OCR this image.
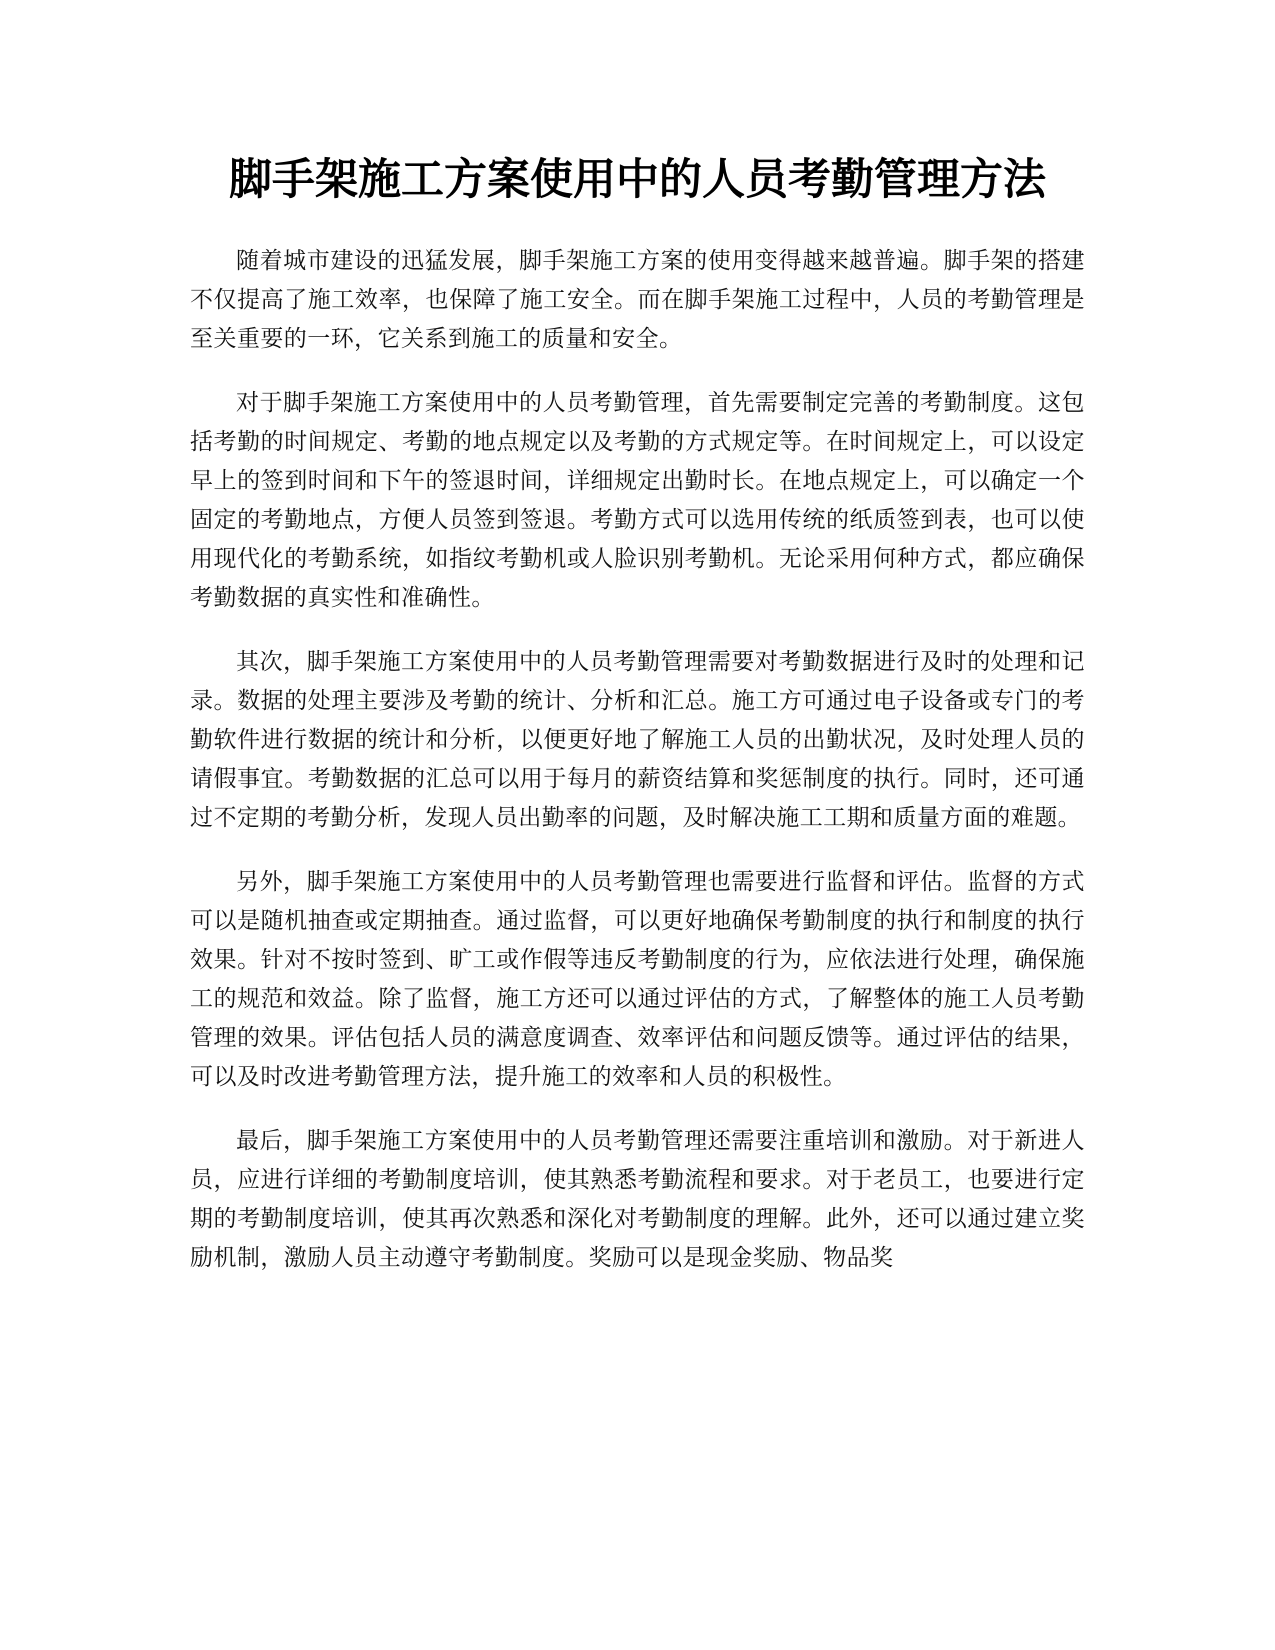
脚手架施工方案使用中的人员考勤管理方法

随着城市建设的迅猛发展，脚手架施工方案的使用变得越来越普遍。脚手架的搭建不仅提高了施工效率，也保障了施工安全。而在脚手架施工过程中，人员的考勤管理是至关重要的一环，它关系到施工的质量和安全。

对于脚手架施工方案使用中的人员考勤管理，首先需要制定完善的考勤制度。这包括考勤的时间规定、考勤的地点规定以及考勤的方式规定等。在时间规定上，可以设定早上的签到时间和下午的签退时间，详细规定出勤时长。在地点规定上，可以确定一个固定的考勤地点，方便人员签到签退。考勤方式可以选用传统的纸质签到表，也可以使用现代化的考勤系统，如指纹考勤机或人脸识别考勤机。无论采用何种方式，都应确保考勤数据的真实性和准确性。

其次，脚手架施工方案使用中的人员考勤管理需要对考勤数据进行及时的处理和记录。数据的处理主要涉及考勤的统计、分析和汇总。施工方可通过电子设备或专门的考勤软件进行数据的统计和分析，以便更好地了解施工人员的出勤状况，及时处理人员的请假事宜。考勤数据的汇总可以用于每月的薪资结算和奖惩制度的执行。同时，还可通过不定期的考勤分析，发现人员出勤率的问题，及时解决施工工期和质量方面的难题。

另外，脚手架施工方案使用中的人员考勤管理也需要进行监督和评估。监督的方式可以是随机抽查或定期抽查。通过监督，可以更好地确保考勤制度的执行和制度的执行效果。针对不按时签到、旷工或作假等违反考勤制度的行为，应依法进行处理，确保施工的规范和效益。除了监督，施工方还可以通过评估的方式，了解整体的施工人员考勤管理的效果。评估包括人员的满意度调查、效率评估和问题反馈等。通过评估的结果，可以及时改进考勤管理方法，提升施工的效率和人员的积极性。

最后，脚手架施工方案使用中的人员考勤管理还需要注重培训和激励。对于新进人员，应进行详细的考勤制度培训，使其熟悉考勤流程和要求。对于老员工，也要进行定期的考勤制度培训，使其再次熟悉和深化对考勤制度的理解。此外，还可以通过建立奖励机制，激励人员主动遵守考勤制度。奖励可以是现金奖励、物品奖
